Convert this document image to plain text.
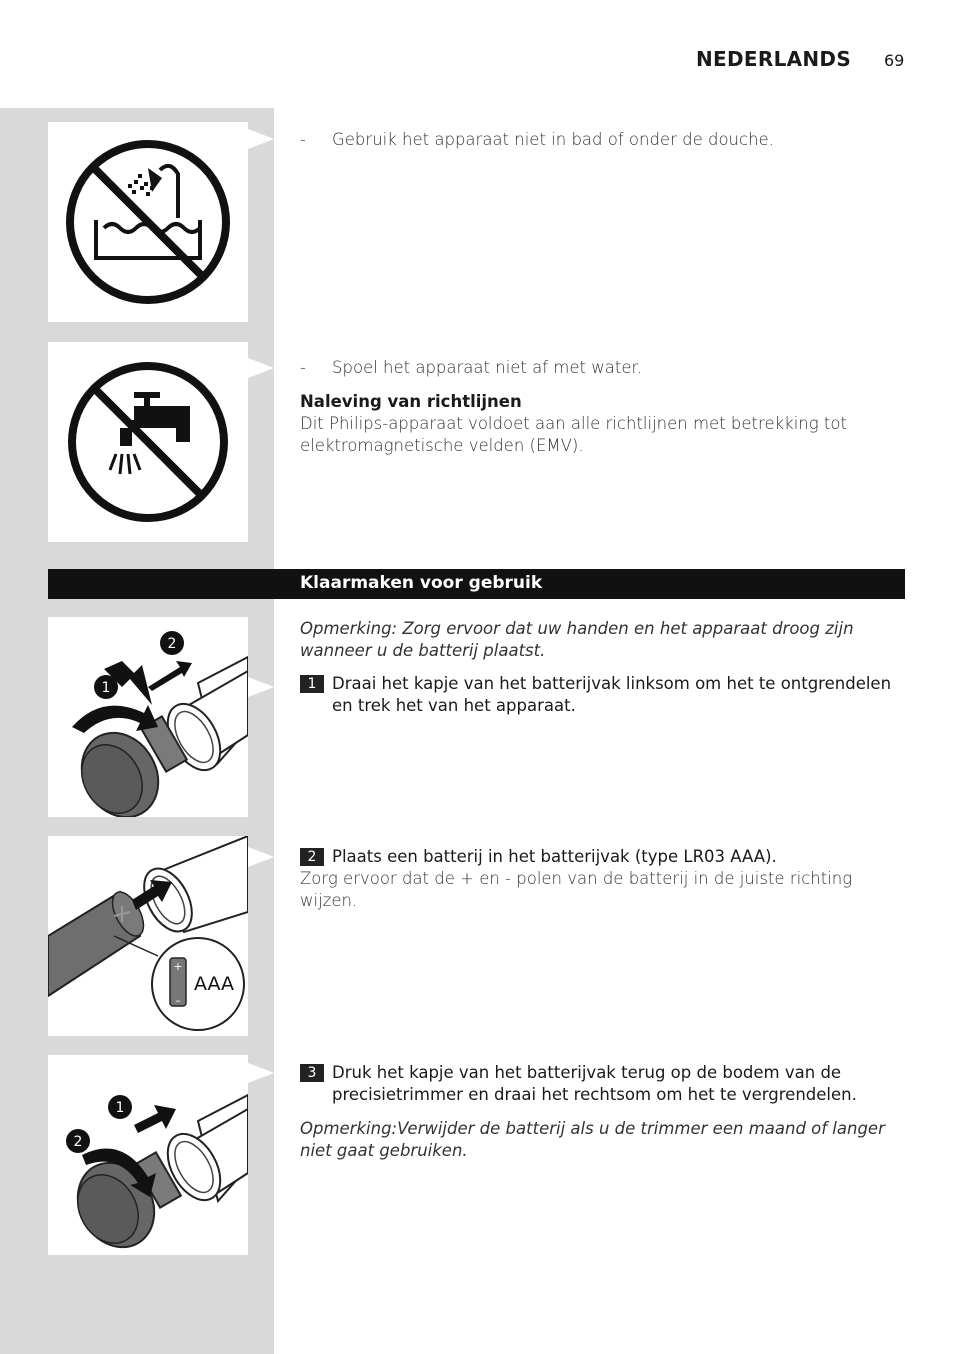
NEDERLANDS 69
- Gebruik het apparaat niet in bad of onder de douche.
- Spoel het apparaat niet af met water.
Naleving van richtlijnen
Dit Philips-apparaat voldoet aan alle richtlijnen met betrekking tot elektromagnetische velden (EMV).
Klaarmaken voor gebruik
1
2
Opmerking: Zorg ervoor dat uw handen en het apparaat droog zijn wanneer u de batterij plaatst.
1 Draai het kapje van het batterijvak linksom om het te ontgrendelen en trek het van het apparaat.
+
–
AAA
2 Plaats een batterij in het batterijvak (type LR03 AAA).
Zorg ervoor dat de + en - polen van de batterij in de juiste richting wijzen.
1
2
3 Druk het kapje van het batterijvak terug op de bodem van de precisietrimmer en draai het rechtsom om het te vergrendelen.
Opmerking:Verwijder de batterij als u de trimmer een maand of langer niet gaat gebruiken.
